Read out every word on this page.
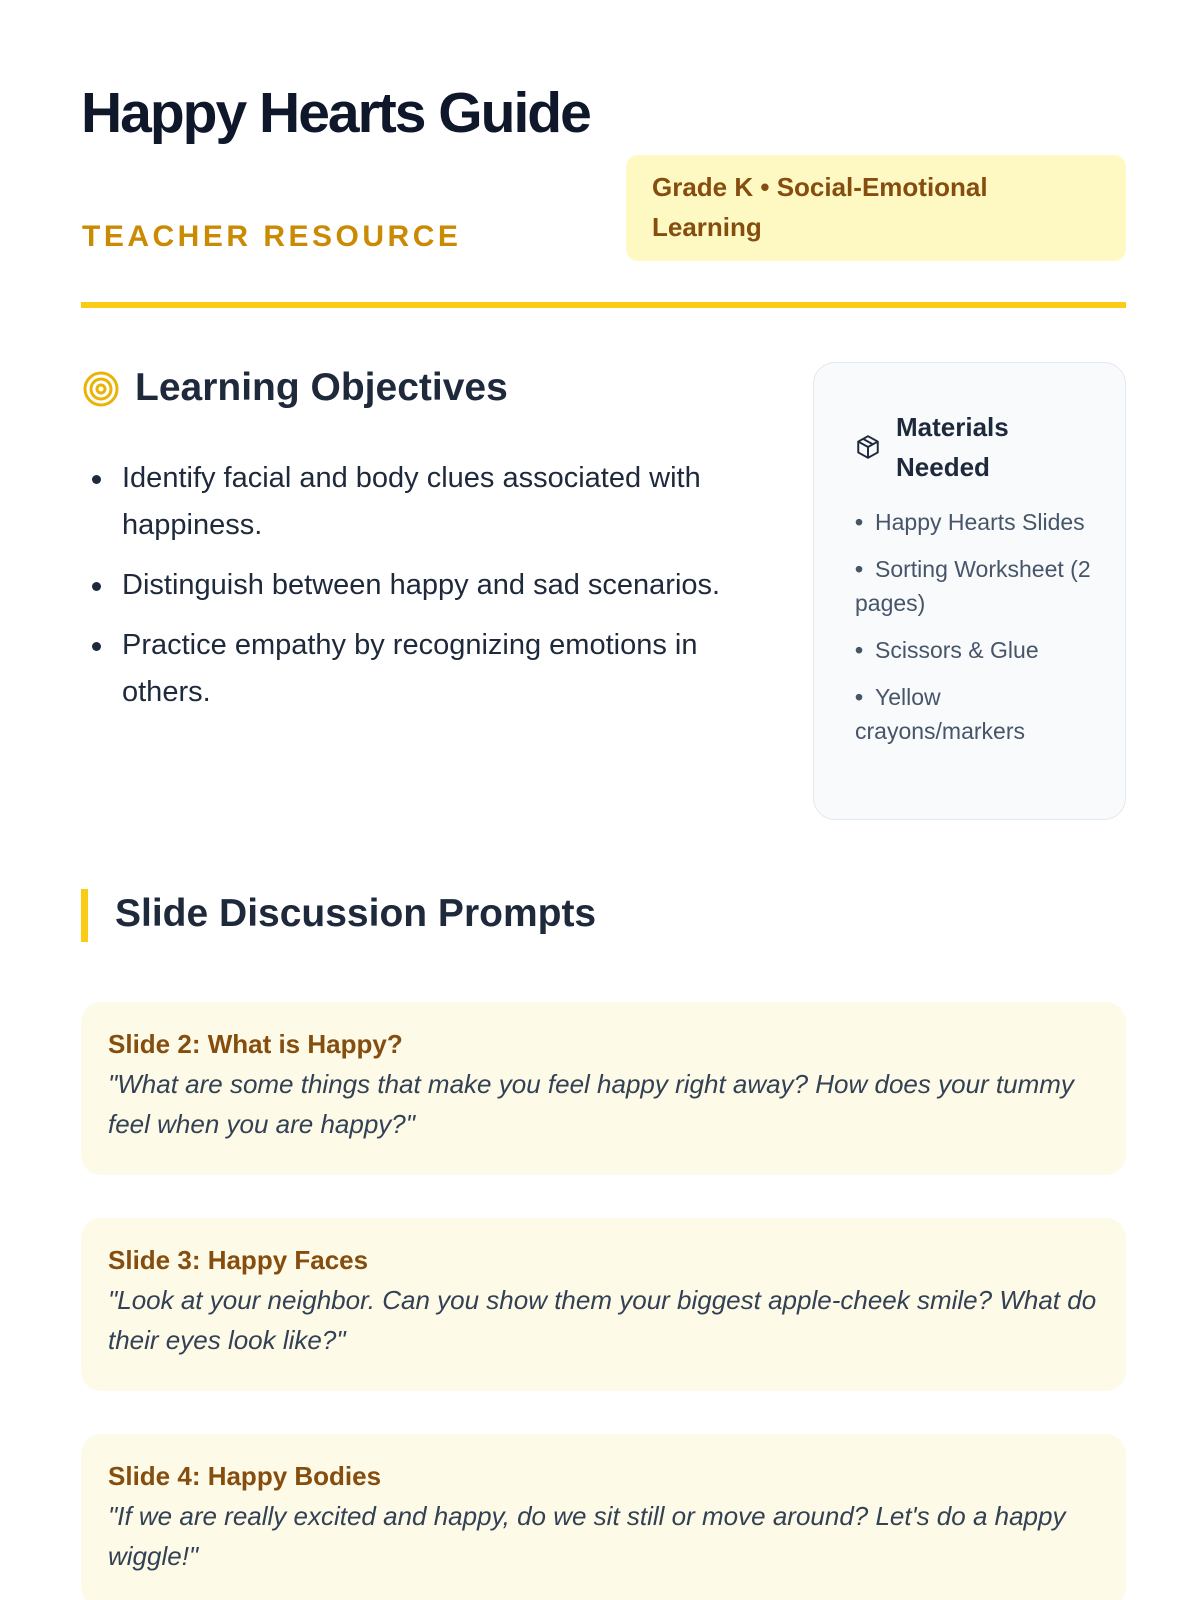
Happy Hearts Guide

TEACHER RESOURCE

Grade K • Social-Emotional Learning
Learning Objectives
Identify facial and body clues associated with happiness.
Distinguish between happy and sad scenarios.
Practice empathy by recognizing emotions in others.
Materials Needed
• Happy Hearts Slides
• Sorting Worksheet (2 pages)
• Scissors & Glue
• Yellow crayons/markers
Slide Discussion Prompts
Slide 2: What is Happy?
"What are some things that make you feel happy right away? How does your tummy feel when you are happy?"
Slide 3: Happy Faces
"Look at your neighbor. Can you show them your biggest apple-cheek smile? What do their eyes look like?"
Slide 4: Happy Bodies
"If we are really excited and happy, do we sit still or move around? Let's do a happy wiggle!"
